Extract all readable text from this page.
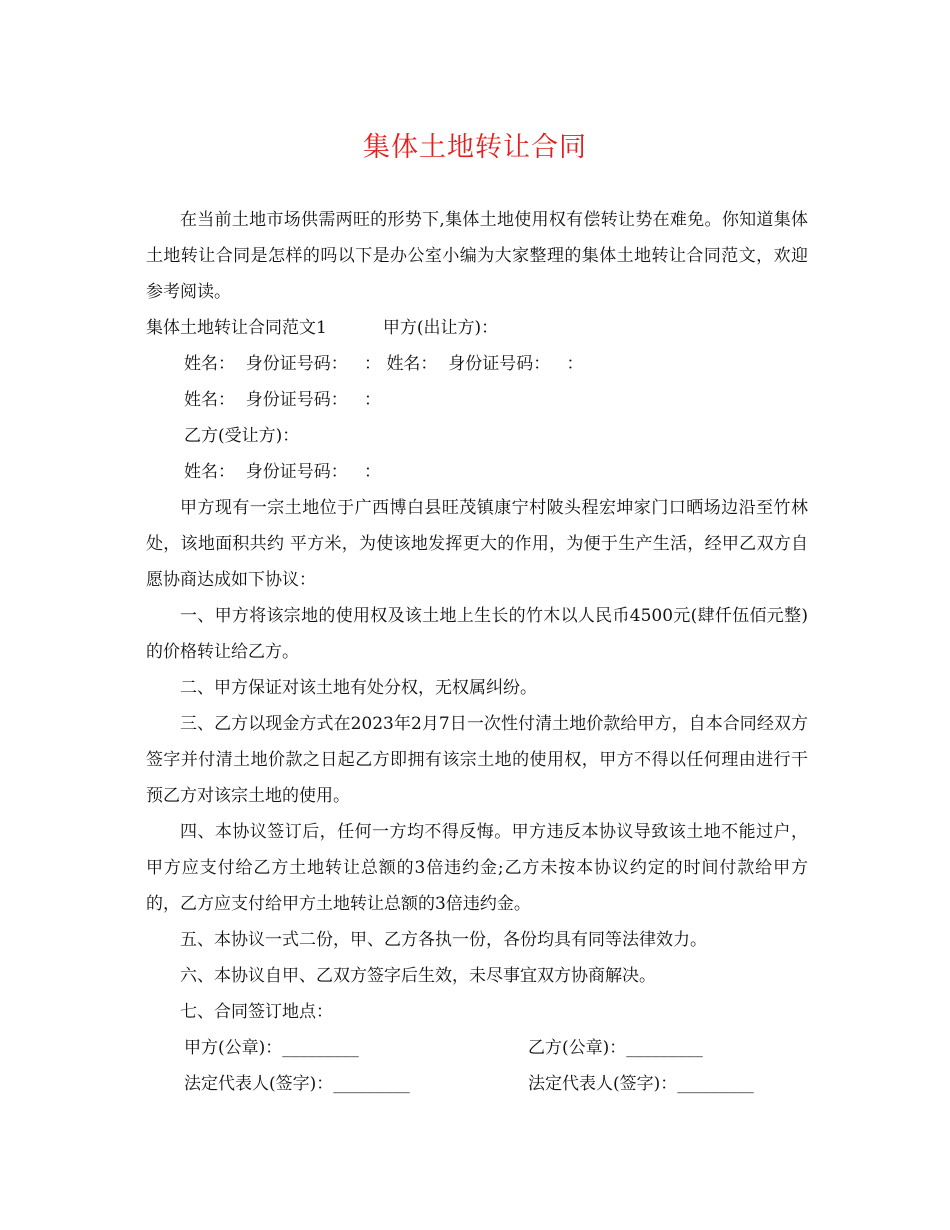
集体土地转让合同

在当前土地市场供需两旺的形势下,集体土地使用权有偿转让势在难免。你知道集体土地转让合同是怎样的吗以下是办公室小编为大家整理的集体土地转让合同范文，欢迎参考阅读。

集体土地转让合同范文1	甲方(出让方)：
姓名：  身份证号码：   ： 姓名：  身份证号码：   ：
姓名：  身份证号码：   ：
乙方(受让方)：
姓名：  身份证号码：   ：

甲方现有一宗土地位于广西博白县旺茂镇康宁村陂头程宏坤家门口晒场边沿至竹林处，该地面积共约 平方米，为使该地发挥更大的作用，为便于生产生活，经甲乙双方自愿协商达成如下协议：

一、甲方将该宗地的使用权及该土地上生长的竹木以人民币4500元(肆仟伍佰元整)的价格转让给乙方。

二、甲方保证对该土地有处分权，无权属纠纷。

三、乙方以现金方式在2023年2月7日一次性付清土地价款给甲方，自本合同经双方签字并付清土地价款之日起乙方即拥有该宗土地的使用权，甲方不得以任何理由进行干预乙方对该宗土地的使用。

四、本协议签订后，任何一方均不得反悔。甲方违反本协议导致该土地不能过户，甲方应支付给乙方土地转让总额的3倍违约金;乙方未按本协议约定的时间付款给甲方的，乙方应支付给甲方土地转让总额的3倍违约金。

五、本协议一式二份，甲、乙方各执一份，各份均具有同等法律效力。

六、本协议自甲、乙双方签字后生效，未尽事宜双方协商解决。

七、合同签订地点：

甲方(公章)：_________

	乙方(公章)：_________

法定代表人(签字)：_________

	法定代表人(签字)：_________
